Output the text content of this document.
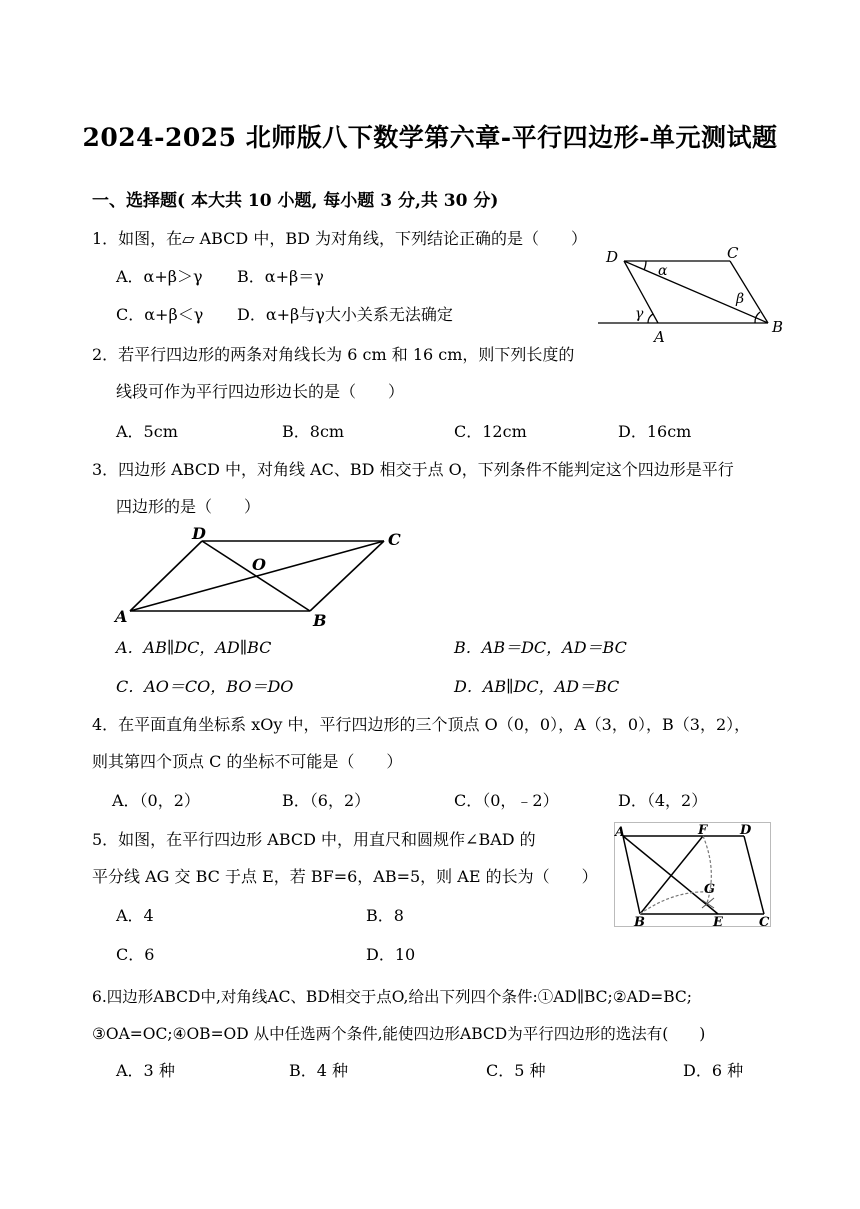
2024-2025 北师版八下数学第六章-平行四边形-单元测试题
一、选择题( 本大共 10 小题, 每小题 3 分,共 30 分)
1．如图，在▱ ABCD 中，BD 为对角线，下列结论正确的是（　　）
A．α+β＞γ B．α+β＝γ
C．α+β＜γ D．α+β与γ大小关系无法确定
D	C
α
β
γ
A
B
2．若平行四边形的两条对角线长为 6 cm 和 16 cm，则下列长度的
线段可作为平行四边形边长的是（　　）
A．5cm	B．8cm	C．12cm	D．16cm
3．四边形 ABCD 中，对角线 AC、BD 相交于点 O，下列条件不能判定这个四边形是平行
四边形的是（　　）
D	C
O
A	B
A．AB∥DC，AD∥BC	B．AB＝DC，AD＝BC
C．AO＝CO，BO＝DO	D．AB∥DC，AD＝BC
4．在平面直角坐标系 xOy 中，平行四边形的三个顶点 O（0，0），A（3，0），B（3，2），
则其第四个顶点 C 的坐标不可能是（　　）
A．（0，2）	B．（6，2）	C．（0，﹣2）	D．（4，2）
5．如图，在平行四边形 ABCD 中，用直尺和圆规作∠BAD 的
平分线 AG 交 BC 于点 E，若 BF=6，AB=5，则 AE 的长为（　　）
A．4	B．8
C．6	D．10
A	F	D
G
B	E	C
6.四边形ABCD中,对角线AC、BD相交于点O,给出下列四个条件:①AD∥BC;②AD=BC;
③OA=OC;④OB=OD 从中任选两个条件,能使四边形ABCD为平行四边形的选法有(　　)
A．3 种	B．4 种	C．5 种	D．6 种
